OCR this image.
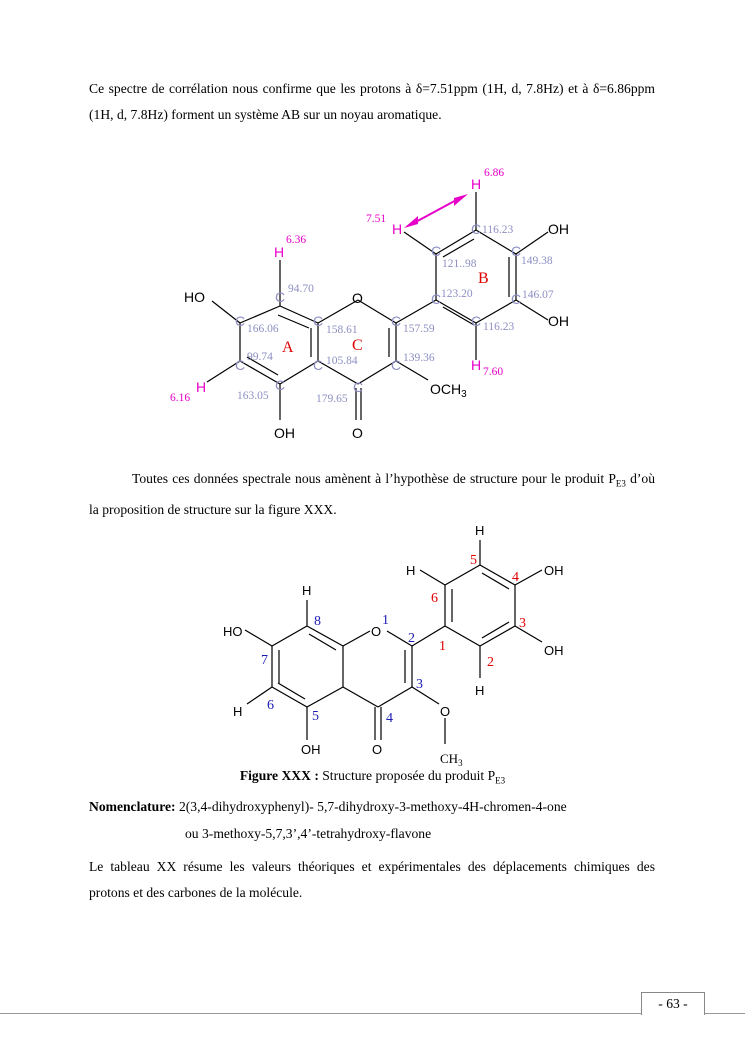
Ce spectre de corrélation nous confirme que les protons à δ=7.51ppm (1H, d, 7.8Hz) et à δ=6.86ppm (1H, d, 7.8Hz) forment un système AB sur un noyau aromatique.

C
C	C
C	C
C	C
C
C
C
C
C
C
C
C
O
O
HO
OH
OH
OH
$OCH_3$
H
H
H
H
H
6.36
6.16
7.51
6.86
7.60
94.70
166.06	158.61
99.74	105.84
163.05	179.65
157.59
139.36
123.20
121..98
116.23
149.38
146.07
116.23
A	C
B

Toutes ces données spectrale nous amènent à l’hypothèse de structure pour le produit $P_{E3}$ d’où la proposition de structure sur la figure XXX.

H
HO
H
OH	O
O
O
$CH_3$
H
H
OH
OH
H
8	1
7
2
3
6
5	4
5
4
6
3
1
2
Figure XXX : Structure proposée du produit $P_{E3}$
Nomenclature: 2(3,4-dihydroxyphenyl)- 5,7-dihydroxy-3-methoxy-4H-chromen-4-one
ou 3-methoxy-5,7,3’,4’-tetrahydroxy-flavone

Le tableau XX résume les valeurs théoriques et expérimentales des déplacements chimiques des protons et des carbones de la molécule.

- 63 -
